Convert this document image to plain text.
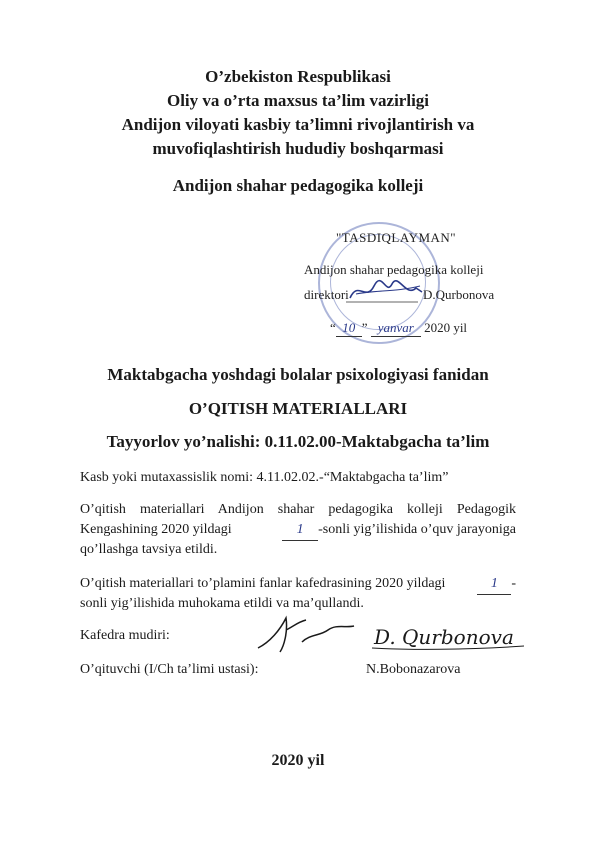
O’zbekiston Respublikasi
Oliy va o’rta maxsus ta’lim vazirligi
Andijon viloyati kasbiy ta’limni rivojlantirish va
muvofiqlashtirish hududiy boshqarmasi
Andijon shahar pedagogika kolleji
"TASDIQLAYMAN"
Andijon shahar pedagogika kolleji
direktori	D.Qurbonova
“ 10 ” yanvar 2020 yil
Maktabgacha yoshdagi bolalar psixologiyasi fanidan
O’QITISH MATERIALLARI
Tayyorlov yo’nalishi: 0.11.02.00-Maktabgacha ta’lim
Kasb yoki mutaxassislik nomi: 4.11.02.02.-“Maktabgacha ta’lim”
O’qitish materiallari Andijon shahar pedagogika kolleji Pedagogik
Kengashining 2020 yildagi	1 -sonli yig’ilishida o’quv jarayoniga
qo’llashga tavsiya etildi.
O’qitish materiallari to’plamini fanlar kafedrasining 2020 yildagi	1 -
sonli yig’ilishida muhokama etildi va ma’qullandi.
Kafedra mudiri:	D. Qurbonova
O’qituvchi (I/Ch ta’limi ustasi):	N.Bobonazarova
2020 yil
